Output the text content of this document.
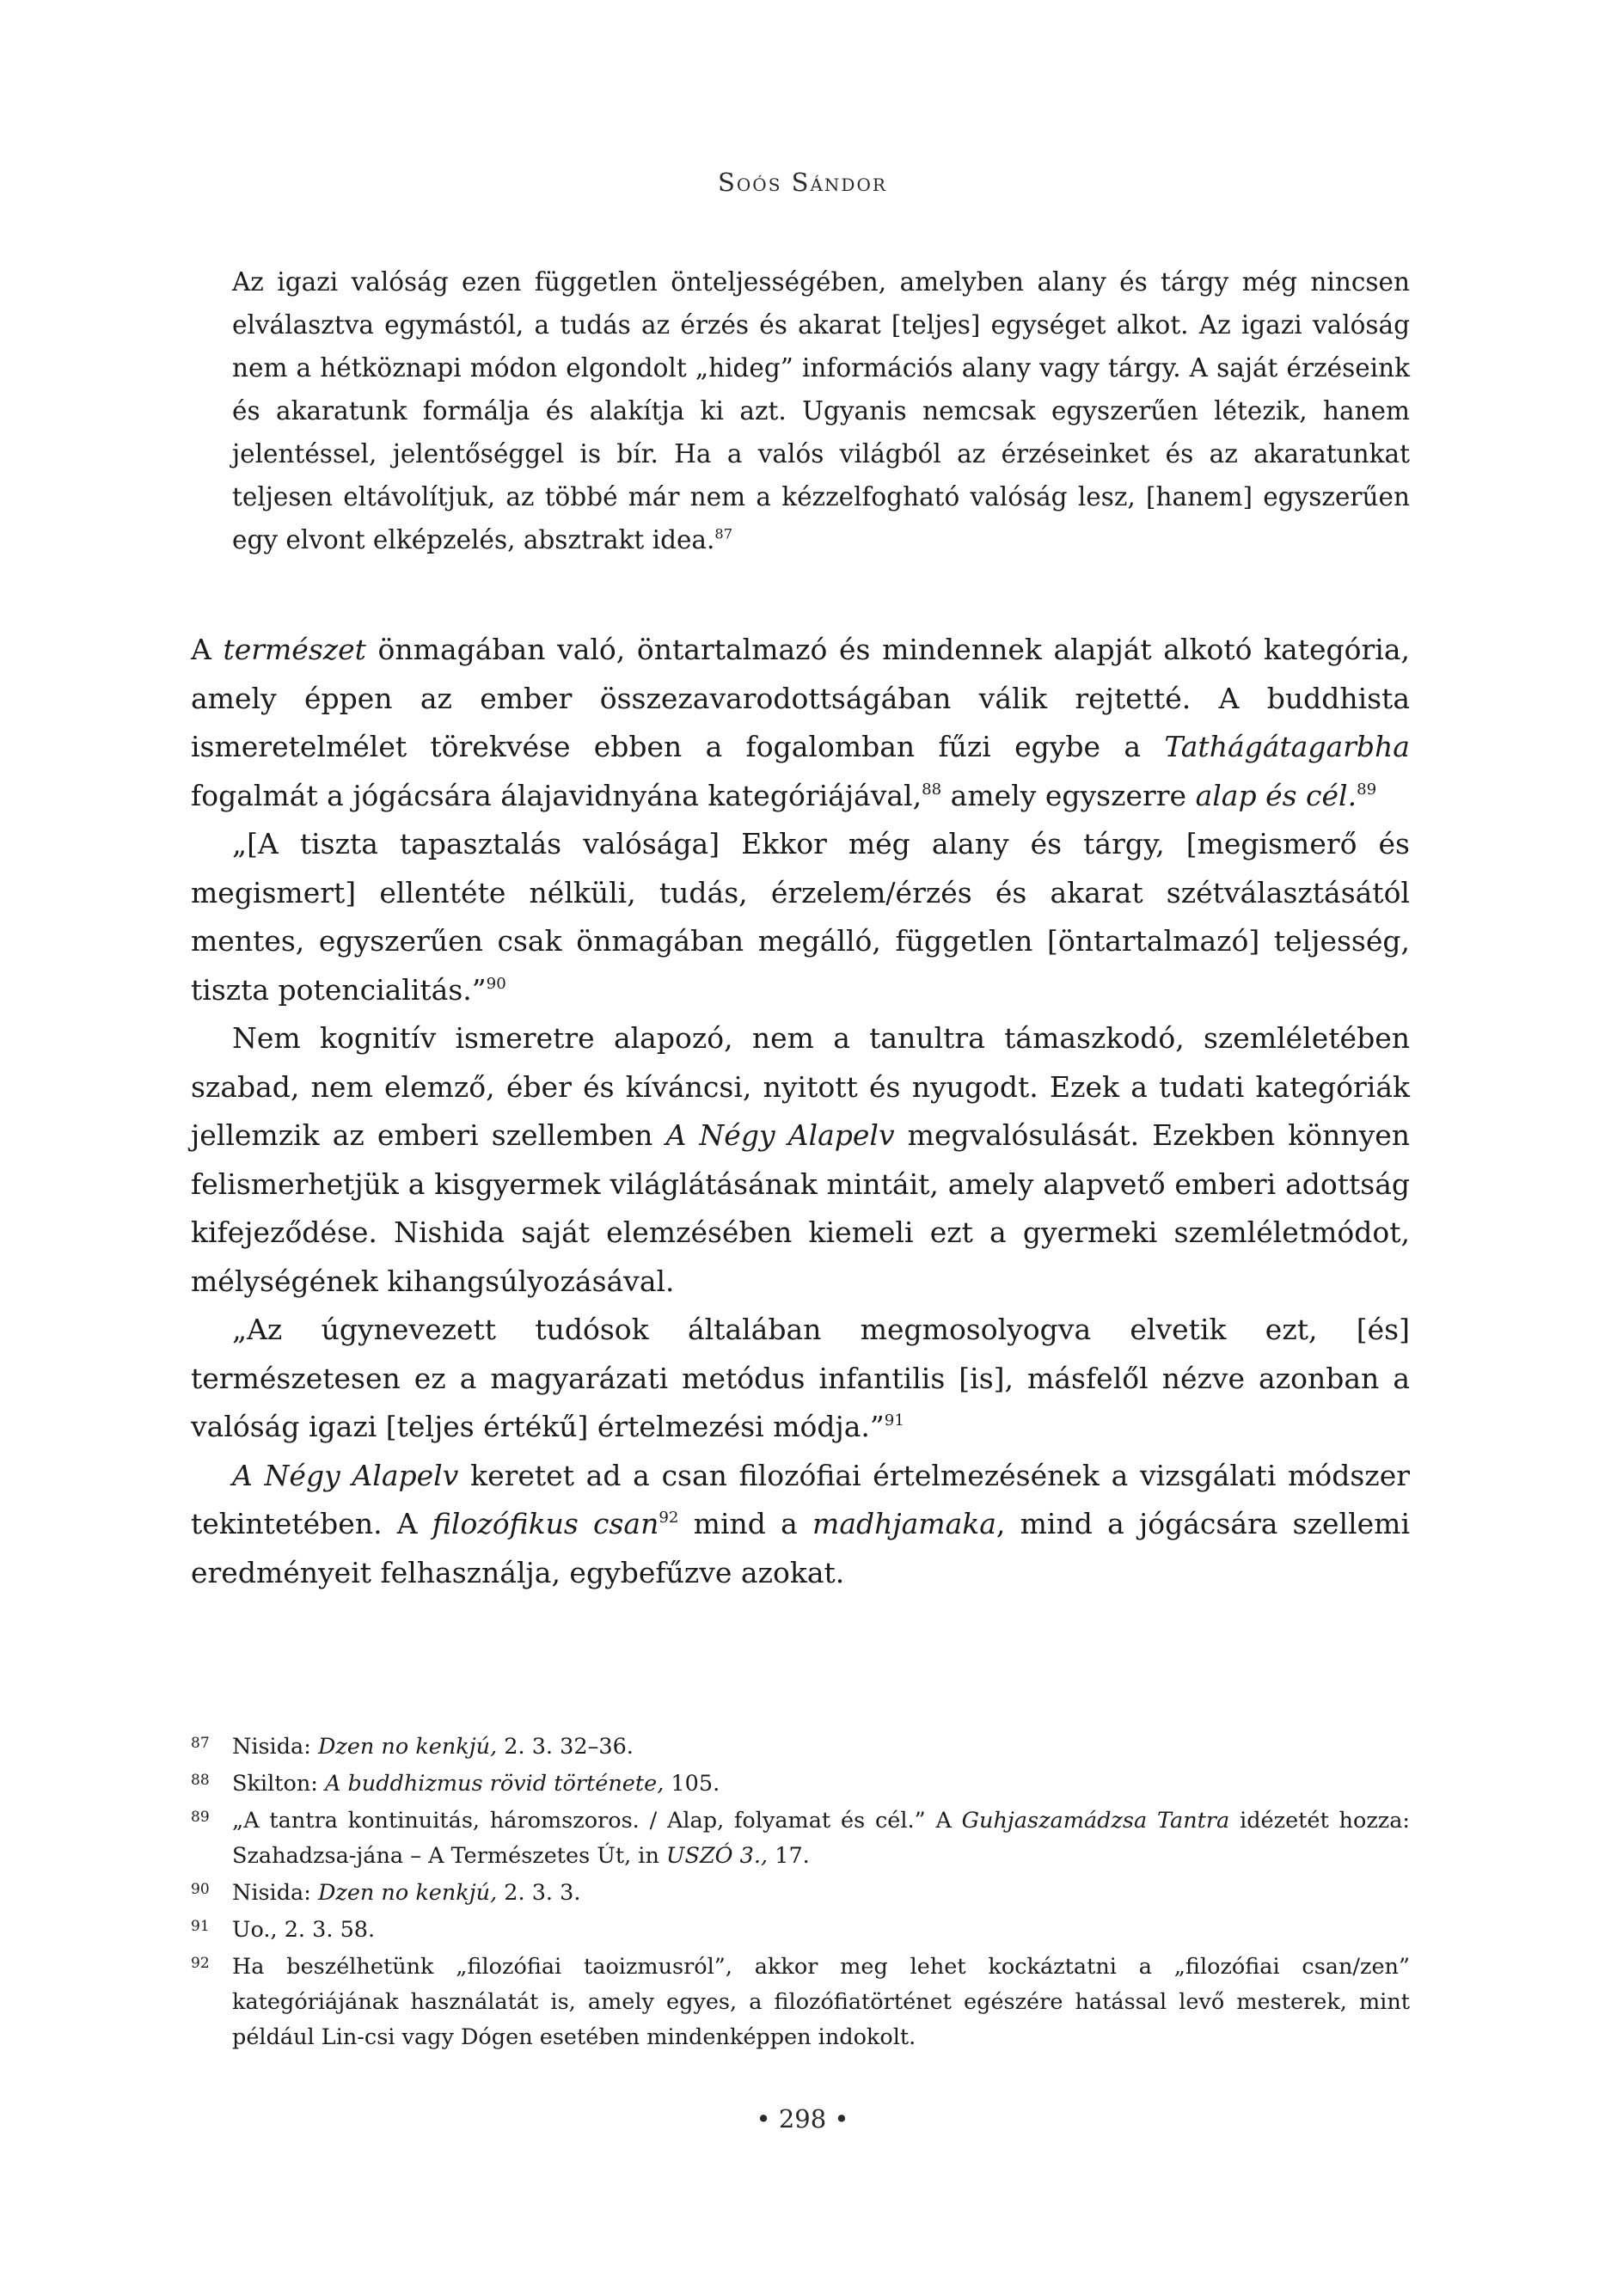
Soós Sándor

Az igazi valóság ezen független önteljességében, amelyben alany és tárgy még nincsen elválasztva egymástól, a tudás az érzés és akarat [teljes] egységet alkot. Az igazi valóság nem a hétköznapi módon elgondolt „hideg” információs alany vagy tárgy. A saját érzéseink és akaratunk formálja és alakítja ki azt. Ugyanis nemcsak egyszerűen létezik, hanem jelentéssel, jelentőséggel is bír. Ha a valós világból az érzéseinket és az akaratunkat teljesen eltávolítjuk, az többé már nem a kézzelfogható valóság lesz, [hanem] egyszerűen egy elvont elképzelés, absztrakt idea.$^{87}$

A természet önmagában való, öntartalmazó és mindennek alapját alkotó kategória, amely éppen az ember összezavarodottságában válik rejtetté. A buddhista ismeretelmélet törekvése ebben a fogalomban fűzi egybe a Tathágátagarbha fogalmát a jógácsára álajavidnyána kategóriájával,$^{88}$ amely egyszerre alap és cél.$^{89}$

„[A tiszta tapasztalás valósága] Ekkor még alany és tárgy, [megismerő és megismert] ellentéte nélküli, tudás, érzelem/érzés és akarat szétválasztásától mentes, egyszerűen csak önmagában megálló, független [öntartalmazó] teljesség, tiszta potencialitás.”$^{90}$

Nem kognitív ismeretre alapozó, nem a tanultra támaszkodó, szemléletében szabad, nem elemző, éber és kíváncsi, nyitott és nyugodt. Ezek a tudati kategóriák jellemzik az emberi szellemben A Négy Alapelv megvalósulását. Ezekben könnyen felismerhetjük a kisgyermek világlátásának mintáit, amely alapvető emberi adottság kifejeződése. Nishida saját elemzésében kiemeli ezt a gyermeki szemléletmódot, mélységének kihangsúlyozásával.

„Az úgynevezett tudósok általában megmosolyogva elvetik ezt, [és] természetesen ez a magyarázati metódus infantilis [is], másfelől nézve azonban a valóság igazi [teljes értékű] értelmezési módja.”$^{91}$

A Négy Alapelv keretet ad a csan filozófiai értelmezésének a vizsgálati módszer tekintetében. A filozófikus csan$^{92}$ mind a madhjamaka, mind a jógácsára szellemi eredményeit felhasználja, egybefűzve azokat.

87 Nisida: Dzen no kenkjú, 2. 3. 32–36.
88 Skilton: A buddhizmus rövid története, 105.
89 „A tantra kontinuitás, háromszoros. / Alap, folyamat és cél.” A Guhjaszamádzsa Tantra idézetét hozza: Szahadzsa-jána – A Természetes Út, in USZÓ 3., 17.
90 Nisida: Dzen no kenkjú, 2. 3. 3.
91 Uo., 2. 3. 58.
92 Ha beszélhetünk „filozófiai taoizmusról”, akkor meg lehet kockáztatni a „filozófiai csan/zen” kategóriájának használatát is, amely egyes, a filozófiatörténet egészére hatással levő mesterek, mint például Lin-csi vagy Dógen esetében mindenképpen indokolt.
• 298 •
